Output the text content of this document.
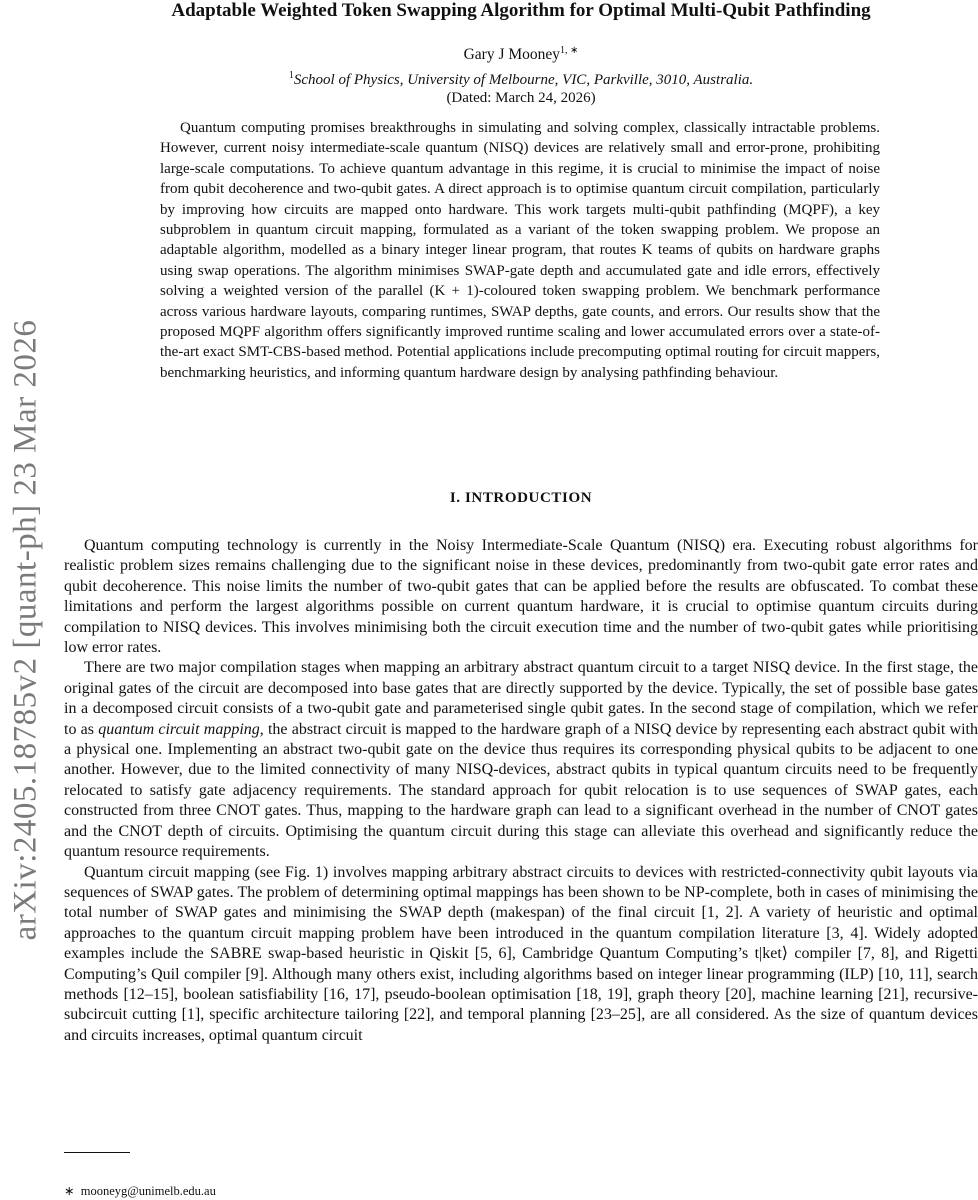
arXiv:2405.18785v2 [quant-ph] 23 Mar 2026
Adaptable Weighted Token Swapping Algorithm for Optimal Multi-Qubit Pathfinding
Gary J Mooney$^{1, ∗}$
$^1$School of Physics, University of Melbourne, VIC, Parkville, 3010, Australia.
(Dated: March 24, 2026)

Quantum computing promises breakthroughs in simulating and solving complex, classically intractable problems. However, current noisy intermediate-scale quantum (NISQ) devices are relatively small and error-prone, prohibiting large-scale computations. To achieve quantum advantage in this regime, it is crucial to minimise the impact of noise from qubit decoherence and two-qubit gates. A direct approach is to optimise quantum circuit compilation, particularly by improving how circuits are mapped onto hardware. This work targets multi-qubit pathfinding (MQPF), a key subproblem in quantum circuit mapping, formulated as a variant of the token swapping problem. We propose an adaptable algorithm, modelled as a binary integer linear program, that routes K teams of qubits on hardware graphs using swap operations. The algorithm minimises SWAP-gate depth and accumulated gate and idle errors, effectively solving a weighted version of the parallel (K + 1)-coloured token swapping problem. We benchmark performance across various hardware layouts, comparing runtimes, SWAP depths, gate counts, and errors. Our results show that the proposed MQPF algorithm offers significantly improved runtime scaling and lower accumulated errors over a state-of-the-art exact SMT-CBS-based method. Potential applications include precomputing optimal routing for circuit mappers, benchmarking heuristics, and informing quantum hardware design by analysing pathfinding behaviour.

I. INTRODUCTION

Quantum computing technology is currently in the Noisy Intermediate-Scale Quantum (NISQ) era. Executing robust algorithms for realistic problem sizes remains challenging due to the significant noise in these devices, predominantly from two-qubit gate error rates and qubit decoherence. This noise limits the number of two-qubit gates that can be applied before the results are obfuscated. To combat these limitations and perform the largest algorithms possible on current quantum hardware, it is crucial to optimise quantum circuits during compilation to NISQ devices. This involves minimising both the circuit execution time and the number of two-qubit gates while prioritising low error rates.

There are two major compilation stages when mapping an arbitrary abstract quantum circuit to a target NISQ device. In the first stage, the original gates of the circuit are decomposed into base gates that are directly supported by the device. Typically, the set of possible base gates in a decomposed circuit consists of a two-qubit gate and parameterised single qubit gates. In the second stage of compilation, which we refer to as quantum circuit mapping, the abstract circuit is mapped to the hardware graph of a NISQ device by representing each abstract qubit with a physical one. Implementing an abstract two-qubit gate on the device thus requires its corresponding physical qubits to be adjacent to one another. However, due to the limited connectivity of many NISQ-devices, abstract qubits in typical quantum circuits need to be frequently relocated to satisfy gate adjacency requirements. The standard approach for qubit relocation is to use sequences of SWAP gates, each constructed from three CNOT gates. Thus, mapping to the hardware graph can lead to a significant overhead in the number of CNOT gates and the CNOT depth of circuits. Optimising the quantum circuit during this stage can alleviate this overhead and significantly reduce the quantum resource requirements.

Quantum circuit mapping (see Fig. 1) involves mapping arbitrary abstract circuits to devices with restricted-connectivity qubit layouts via sequences of SWAP gates. The problem of determining optimal mappings has been shown to be NP-complete, both in cases of minimising the total number of SWAP gates and minimising the SWAP depth (makespan) of the final circuit [1, 2]. A variety of heuristic and optimal approaches to the quantum circuit mapping problem have been introduced in the quantum compilation literature [3, 4]. Widely adopted examples include the SABRE swap-based heuristic in Qiskit [5, 6], Cambridge Quantum Computing’s t|ket⟩ compiler [7, 8], and Rigetti Computing’s Quil compiler [9]. Although many others exist, including algorithms based on integer linear programming (ILP) [10, 11], search methods [12–15], boolean satisfiability [16, 17], pseudo-boolean optimisation [18, 19], graph theory [20], machine learning [21], recursive-subcircuit cutting [1], specific architecture tailoring [22], and temporal planning [23–25], are all considered. As the size of quantum devices and circuits increases, optimal quantum circuit

∗ mooneyg@unimelb.edu.au
